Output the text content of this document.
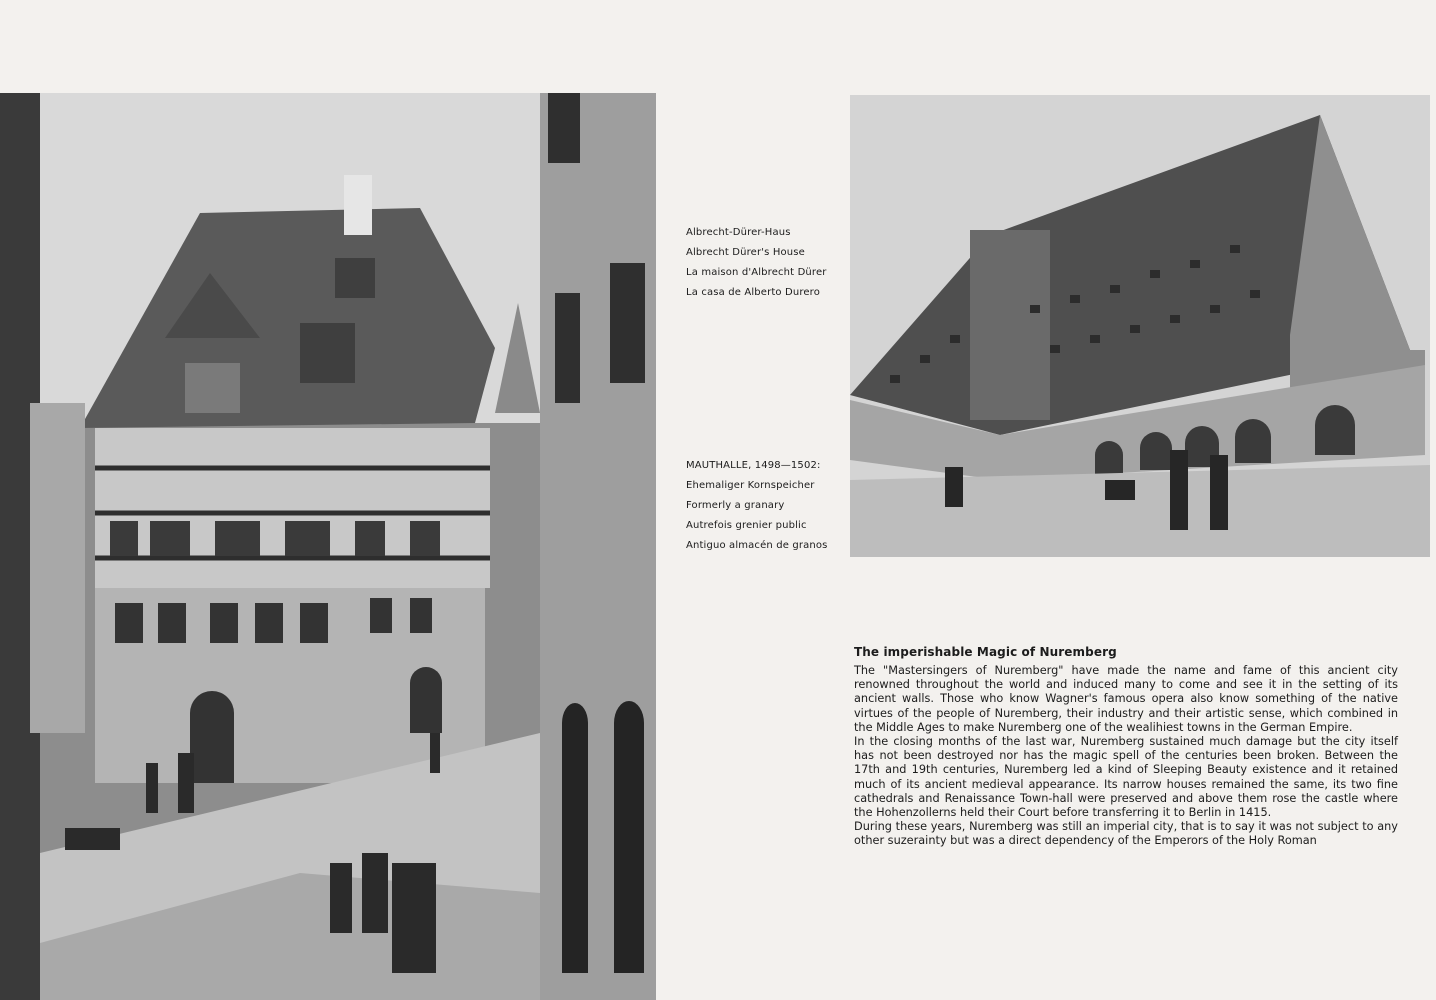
Albrecht-Dürer-Haus
Albrecht Dürer's House
La maison d'Albrecht Dürer
La casa de Alberto Durero
MAUTHALLE, 1498—1502:
Ehemaliger Kornspeicher
Formerly a granary
Autrefois grenier public
Antiguo almacén de granos
The imperishable Magic of Nuremberg

The "Mastersingers of Nuremberg" have made the name and fame of this ancient city renowned throughout the world and induced many to come and see it in the setting of its ancient walls. Those who know Wagner's famous opera also know something of the native virtues of the people of Nuremberg, their industry and their artistic sense, which combined in the Middle Ages to make Nuremberg one of the wealihiest towns in the German Empire.

In the closing months of the last war, Nuremberg sustained much damage but the city itself has not been destroyed nor has the magic spell of the centuries been broken. Between the 17th and 19th centuries, Nuremberg led a kind of Sleeping Beauty existence and it retained much of its ancient medieval appearance. Its narrow houses remained the same, its two fine cathedrals and Renaissance Town-hall were preserved and above them rose the castle where the Hohenzollerns held their Court before transferring it to Berlin in 1415.

During these years, Nuremberg was still an imperial city, that is to say it was not subject to any other suzerainty but was a direct dependency of the Emperors of the Holy Roman
